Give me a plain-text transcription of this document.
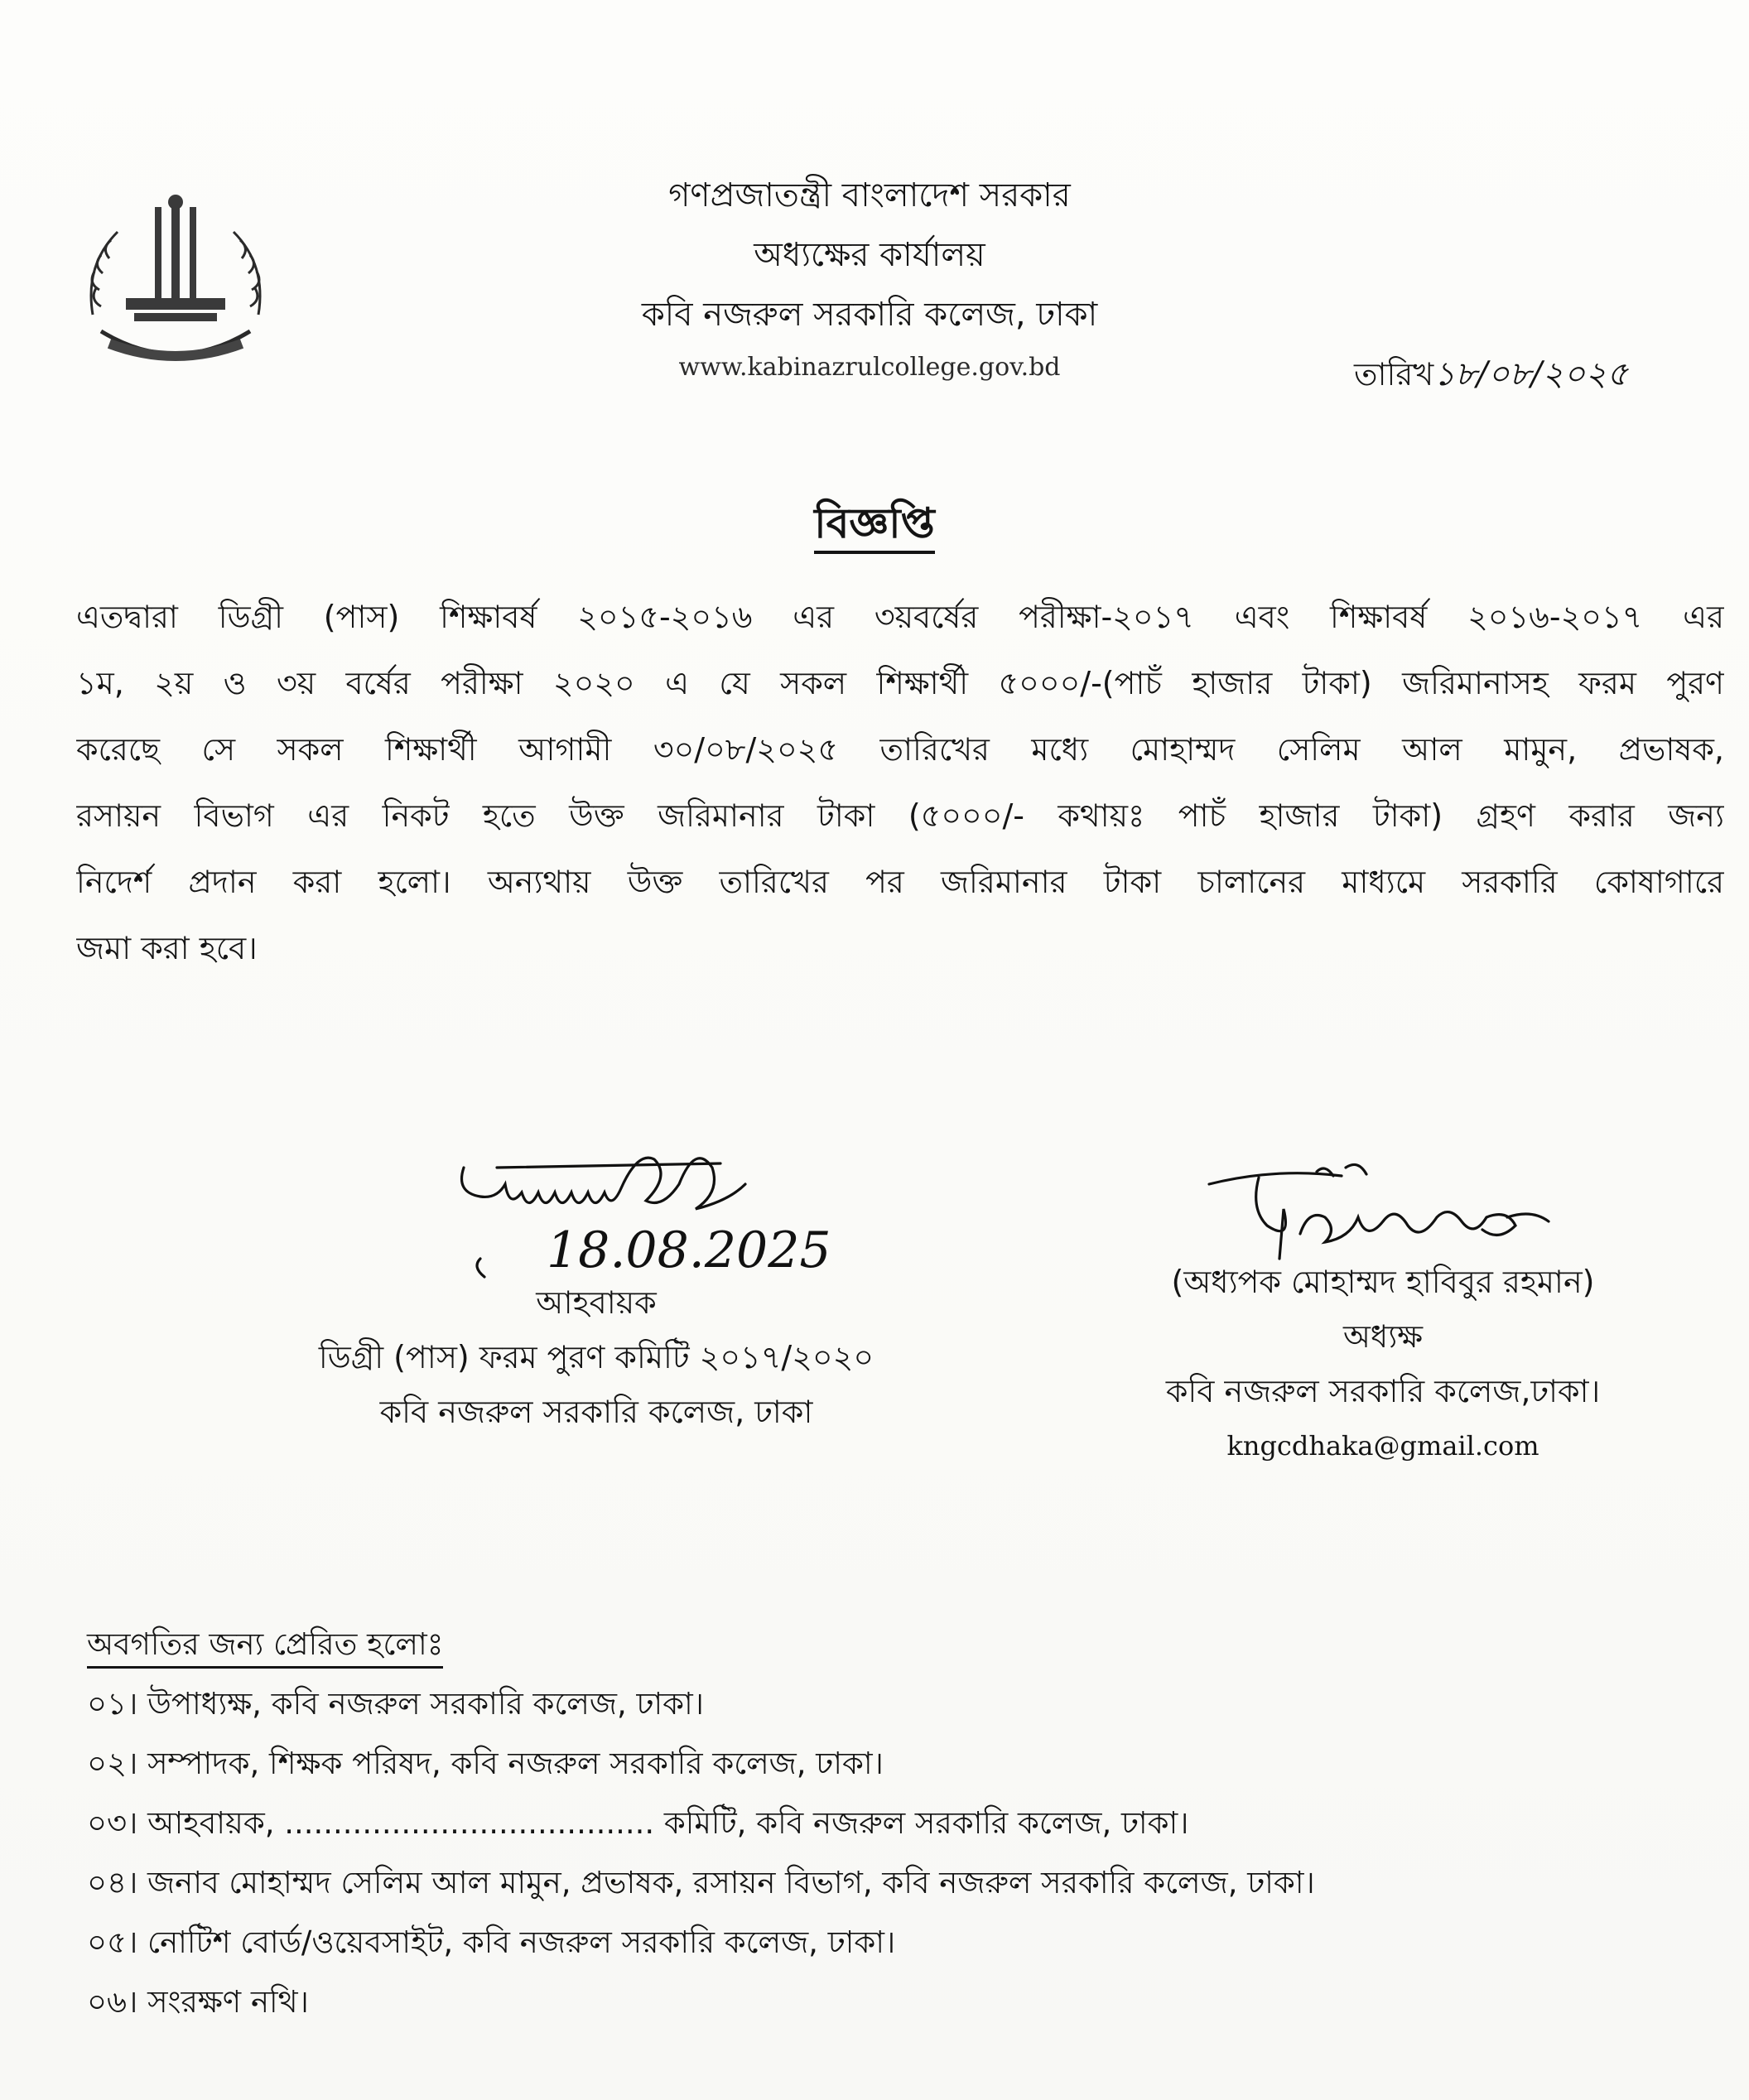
গণপ্রজাতন্ত্রী বাংলাদেশ সরকার
অধ্যক্ষের কার্যালয়
কবি নজরুল সরকারি কলেজ, ঢাকা
www.kabinazrulcollege.gov.bd	তারিখ১৮/০৮/২০২৫
বিজ্ঞপ্তি
এতদ্বারা ডিগ্রী (পাস) শিক্ষাবর্ষ ২০১৫-২০১৬ এর ৩য়বর্ষের পরীক্ষা-২০১৭ এবং শিক্ষাবর্ষ ২০১৬-২০১৭ এর
১ম, ২য় ও ৩য় বর্ষের পরীক্ষা ২০২০ এ যে সকল শিক্ষার্থী ৫০০০/-(পাচঁ হাজার টাকা) জরিমানাসহ ফরম পুরণ
করেছে সে সকল শিক্ষার্থী আগামী ৩০/০৮/২০২৫ তারিখের মধ্যে মোহাম্মদ সেলিম আল মামুন, প্রভাষক,
রসায়ন বিভাগ এর নিকট হতে উক্ত জরিমানার টাকা (৫০০০/- কথায়ঃ পাচঁ হাজার টাকা) গ্রহণ করার জন্য
নিদের্শ প্রদান করা হলো। অন্যথায় উক্ত তারিখের পর জরিমানার টাকা চালানের মাধ্যমে সরকারি কোষাগারে
জমা করা হবে।
18.08.2025
আহবায়ক
ডিগ্রী (পাস) ফরম পুরণ কমিটি ২০১৭/২০২০
কবি নজরুল সরকারি কলেজ, ঢাকা
(অধ্যপক মোহাম্মদ হাবিবুর রহমান)
অধ্যক্ষ
কবি নজরুল সরকারি কলেজ,ঢাকা।
kngcdhaka@gmail.com
অবগতির জন্য প্রেরিত হলোঃ
০১। উপাধ্যক্ষ, কবি নজরুল সরকারি কলেজ, ঢাকা।
০২। সম্পাদক, শিক্ষক পরিষদ, কবি নজরুল সরকারি কলেজ, ঢাকা।
০৩। আহবায়ক, ...................................... কমিটি, কবি নজরুল সরকারি কলেজ, ঢাকা।
০৪। জনাব মোহাম্মদ সেলিম আল মামুন, প্রভাষক, রসায়ন বিভাগ, কবি নজরুল সরকারি কলেজ, ঢাকা।
০৫। নোটিশ বোর্ড/ওয়েবসাইট, কবি নজরুল সরকারি কলেজ, ঢাকা।
০৬। সংরক্ষণ নথি।
